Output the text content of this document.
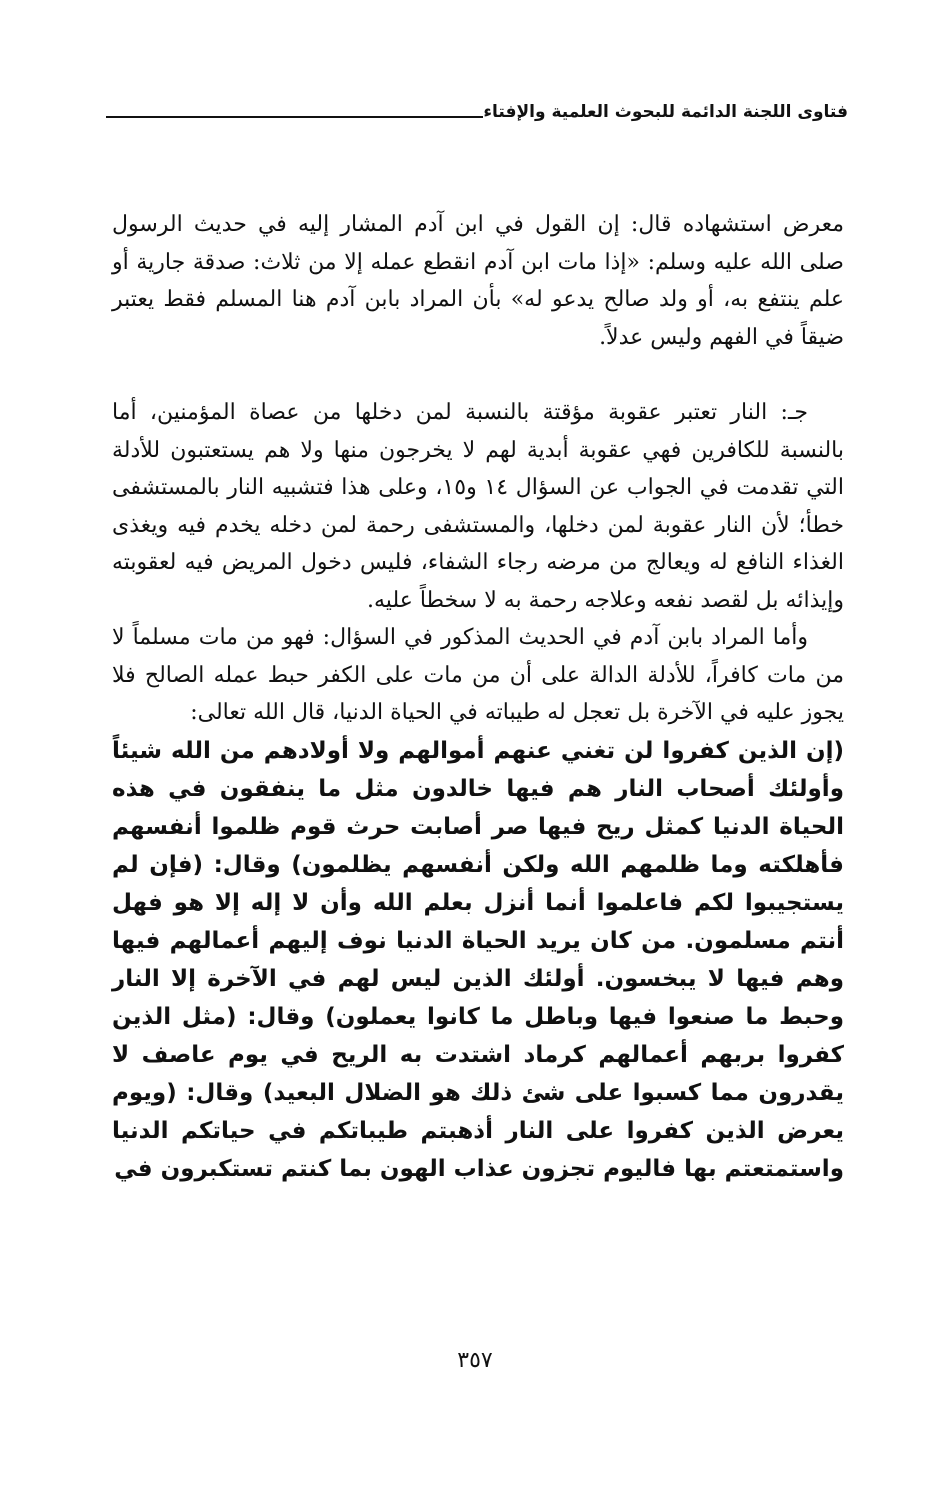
فتاوى اللجنة الدائمة للبحوث العلمية والإفتاء

معرض استشهاده قال: إن القول في ابن آدم المشار إليه في حديث الرسول صلى الله عليه وسلم: «إذا مات ابن آدم انقطع عمله إلا من ثلاث: صدقة جارية أو علم ينتفع به، أو ولد صالح يدعو له» بأن المراد بابن آدم هنا المسلم فقط يعتبر ضيقاً في الفهم وليس عدلاً.

جـ: النار تعتبر عقوبة مؤقتة بالنسبة لمن دخلها من عصاة المؤمنين، أما بالنسبة للكافرين فهي عقوبة أبدية لهم لا يخرجون منها ولا هم يستعتبون للأدلة التي تقدمت في الجواب عن السؤال ١٤ و١٥، وعلى هذا فتشبيه النار بالمستشفى خطأ؛ لأن النار عقوبة لمن دخلها، والمستشفى رحمة لمن دخله يخدم فيه ويغذى الغذاء النافع له ويعالج من مرضه رجاء الشفاء، فليس دخول المريض فيه لعقوبته وإيذائه بل لقصد نفعه وعلاجه رحمة به لا سخطاً عليه.

وأما المراد بابن آدم في الحديث المذكور في السؤال: فهو من مات مسلماً لا من مات كافراً، للأدلة الدالة على أن من مات على الكفر حبط عمله الصالح فلا يجوز عليه في الآخرة بل تعجل له طيباته في الحياة الدنيا، قال الله تعالى:

(إن الذين كفروا لن تغني عنهم أموالهم ولا أولادهم من الله شيئاً وأولئك أصحاب النار هم فيها خالدون مثل ما ينفقون في هذه الحياة الدنيا كمثل ريح فيها صر أصابت حرث قوم ظلموا أنفسهم فأهلكته وما ظلمهم الله ولكن أنفسهم يظلمون) وقال: (فإن لم يستجيبوا لكم فاعلموا أنما أنزل بعلم الله وأن لا إله إلا هو فهل أنتم مسلمون. من كان يريد الحياة الدنيا نوف إليهم أعمالهم فيها وهم فيها لا يبخسون. أولئك الذين ليس لهم في الآخرة إلا النار وحبط ما صنعوا فيها وباطل ما كانوا يعملون) وقال: (مثل الذين كفروا بربهم أعمالهم كرماد اشتدت به الريح في يوم عاصف لا يقدرون مما كسبوا على شئ ذلك هو الضلال البعيد) وقال: (ويوم يعرض الذين كفروا على النار أذهبتم طيباتكم في حياتكم الدنيا واستمتعتم بها فاليوم تجزون عذاب الهون بما كنتم تستكبرون في

٣٥٧
